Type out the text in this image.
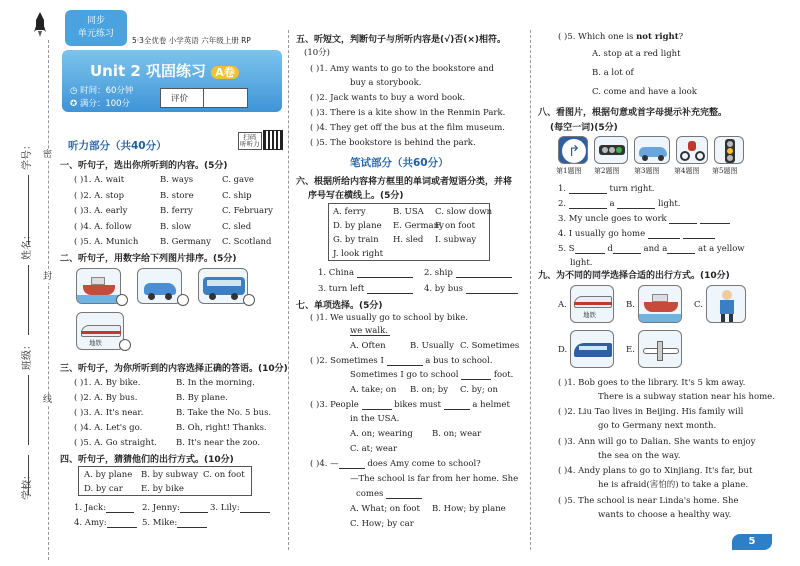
学号：
姓名：
班级：
学校：
密
封
线
同步
单元练习
5·3全优卷 小学英语 六年级上册 RP
Unit 2 巩固练习 A卷
◷ 时间：60分钟
✪ 满分：100分	评价
听力部分（共40分）
扫码
听听力
一、听句子，选出你所听到的内容。(5分)
( )1. A. wait	B. ways	C. gave
( )2. A. stop	B. store	C. ship
( )3. A. early	B. ferry	C. February
( )4. A. follow	B. slow	C. sled
( )5. A. Munich	B. Germany C. Scotland
二、听句子，用数字给下列图片排序。(5分)
地铁
三、听句子，为你所听到的内容选择正确的答语。(10分)
( )1. A. By bike.	B. In the morning.
( )2. A. By bus.	B. By plane.
( )3. A. It's near.	B. Take the No. 5 bus.
( )4. A. Let's go.	B. Oh, right! Thanks.
( )5. A. Go straight. B. It's near the zoo.
四、听句子，猜猜他们的出行方式。(10分)
A. by plane B. by subway C. on foot
D. by car E. by bike
1. Jack:	2. Jenny:	3. Lily:
4. Amy:	5. Mike:
五、听短文，判断句子与所听内容是(√)否(×)相符。
(10分)
( )1. Amy wants to go to the bookstore and
buy a storybook.
( )2. Jack wants to buy a word book.
( )3. There is a kite show in the Renmin Park.
( )4. They get off the bus at the film museum.
( )5. The bookstore is behind the park.
笔试部分（共60分）
六、根据所给内容将方框里的单词或者短语分类，并将
序号写在横线上。(5分)
A. ferry	B. USA C. slow down
D. by plane E. Germany
F. on foot
G. by train H. sled I. subway
J. look right
1. China	2. ship
3. turn left	4. by bus
七、单项选择。(5分)
( )1. We usually go to school by bike.
we walk.
A. Often	B. Usually C. Sometimes
( )2. Sometimes I	a bus to school.
Sometimes I go to school	foot.
A. take; on B. on; by C. by; on
( )3. People	bikes must	a helmet
in the USA.
A. on; wearing B. on; wear
C. at; wear
( )4. —	does Amy come to school?
—The school is far from her home. She
comes
A. What; on foot B. How; by plane
C. How; by car
( )5. Which one is not right?
A. stop at a red light
B. a lot of
C. come and have a look
八、看图片，根据句意或首字母提示补充完整。
(每空一词)(5分)
↱
第1题图 第2题图 第3题图 第4题图 第5题图
1.	turn right.
2.	a	light.
3. My uncle goes to work
4. I usually go home
5. S	d	and a	at a yellow
light.
九、为不同的同学选择合适的出行方式。(10分)
A.
地铁
B.	C.
D.	E.
( )1. Bob goes to the library. It's 5 km away.
There is a subway station near his home.
( )2. Liu Tao lives in Beijing. His family will
go to Germany next month.
( )3. Ann will go to Dalian. She wants to enjoy
the sea on the way.
( )4. Andy plans to go to Xinjiang. It's far, but
he is afraid(害怕的) to take a plane.
( )5. The school is near Linda's home. She
wants to choose a healthy way.
5
